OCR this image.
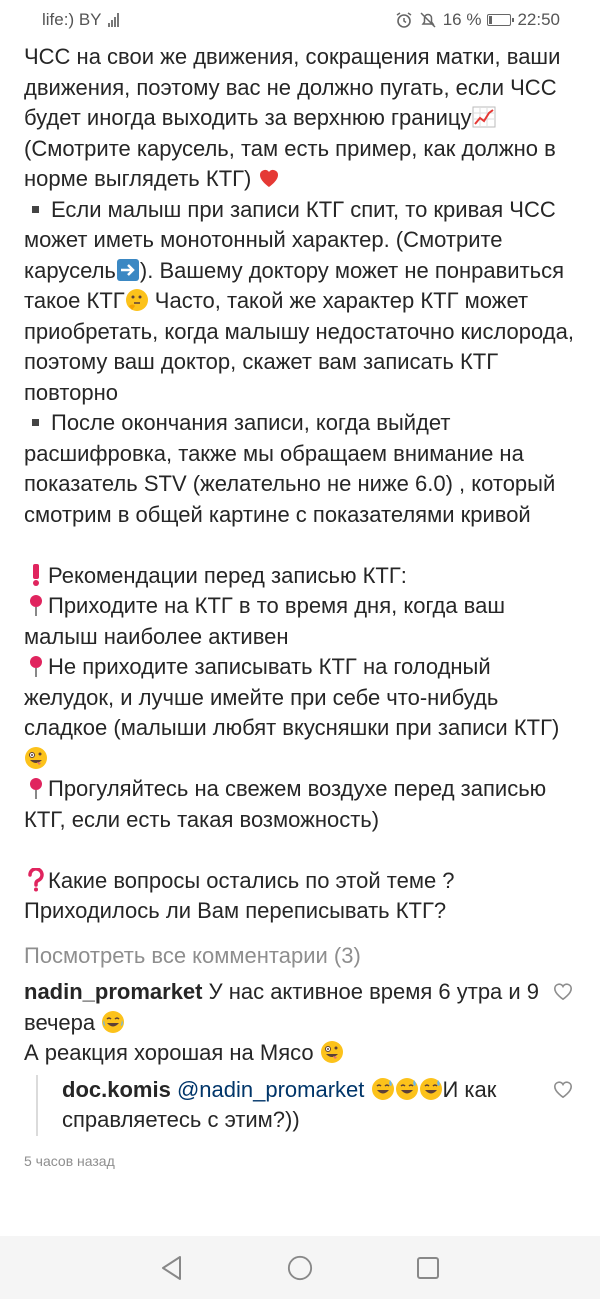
life:) BY	16 % 22:50

ЧСС на свои же движения, сокращения матки, ваши движения, поэтому вас не должно пугать, если ЧСС будет иногда выходить за верхнюю границу

(Смотрите карусель, там есть пример, как должно в норме выглядеть КТГ)

Если малыш при записи КТГ спит, то кривая ЧСС может иметь монотонный характер. (Смотрите карусель ). Вашему доктору может не понравиться такое КТГ Часто, такой же характер КТГ может приобретать, когда малышу недостаточно кислорода, поэтому ваш доктор, скажет вам записать КТГ повторно

После окончания записи, когда выйдет расшифровка, также мы обращаем внимание на показатель STV (желательно не ниже 6.0) , который смотрим в общей картине с показателями кривой

Рекомендации перед записью КТГ:

Приходите на КТГ в то время дня, когда ваш малыш наиболее активен

Не приходите записывать КТГ на голодный желудок, и лучше имейте при себе что-нибудь сладкое (малыши любят вкусняшки при записи КТГ)

Прогуляйтесь на свежем воздухе перед записью КТГ, если есть такая возможность)

Какие вопросы остались по этой теме ? Приходилось ли Вам переписывать КТГ?

Посмотреть все комментарии (3)
nadin_promarket У нас активное время 6 утра и 9 вечера
А реакция хорошая на Мясо
doc.komis @nadin_promarket	И как справляетесь с этим?))
5 часов назад
